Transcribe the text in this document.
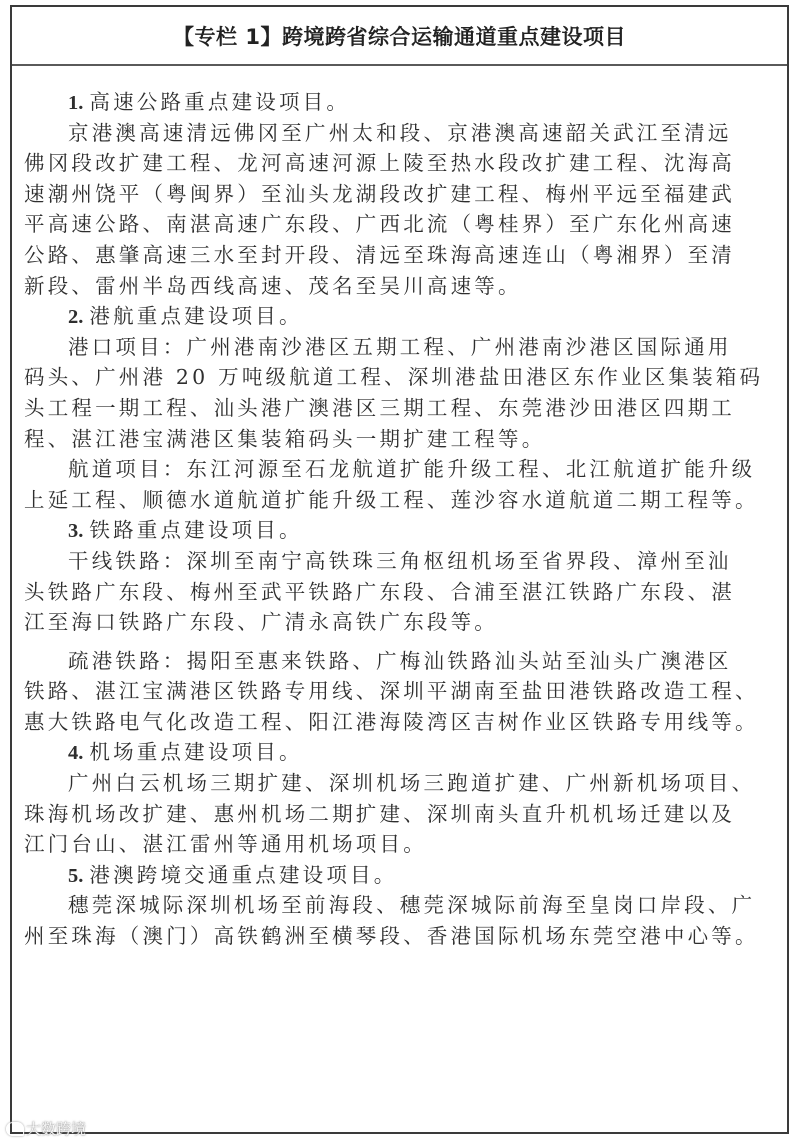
【专栏 1】跨境跨省综合运输通道重点建设项目
1. 高速公路重点建设项目。
京港澳高速清远佛冈至广州太和段、京港澳高速韶关武江至清远
佛冈段改扩建工程、龙河高速河源上陵至热水段改扩建工程、沈海高
速潮州饶平（粤闽界）至汕头龙湖段改扩建工程、梅州平远至福建武
平高速公路、南湛高速广东段、广西北流（粤桂界）至广东化州高速
公路、惠肇高速三水至封开段、清远至珠海高速连山（粤湘界）至清
新段、雷州半岛西线高速、茂名至吴川高速等。
2. 港航重点建设项目。
港口项目：广州港南沙港区五期工程、广州港南沙港区国际通用
码头、广州港 20 万吨级航道工程、深圳港盐田港区东作业区集装箱码
头工程一期工程、汕头港广澳港区三期工程、东莞港沙田港区四期工
程、湛江港宝满港区集装箱码头一期扩建工程等。
航道项目：东江河源至石龙航道扩能升级工程、北江航道扩能升级
上延工程、顺德水道航道扩能升级工程、莲沙容水道航道二期工程等。
3. 铁路重点建设项目。
干线铁路：深圳至南宁高铁珠三角枢纽机场至省界段、漳州至汕
头铁路广东段、梅州至武平铁路广东段、合浦至湛江铁路广东段、湛
江至海口铁路广东段、广清永高铁广东段等。
疏港铁路：揭阳至惠来铁路、广梅汕铁路汕头站至汕头广澳港区
铁路、湛江宝满港区铁路专用线、深圳平湖南至盐田港铁路改造工程、
惠大铁路电气化改造工程、阳江港海陵湾区吉树作业区铁路专用线等。
4. 机场重点建设项目。
广州白云机场三期扩建、深圳机场三跑道扩建、广州新机场项目、
珠海机场改扩建、惠州机场二期扩建、深圳南头直升机机场迁建以及
江门台山、湛江雷州等通用机场项目。
5. 港澳跨境交通重点建设项目。
穗莞深城际深圳机场至前海段、穗莞深城际前海至皇岗口岸段、广
州至珠海（澳门）高铁鹤洲至横琴段、香港国际机场东莞空港中心等。
大数跨境
